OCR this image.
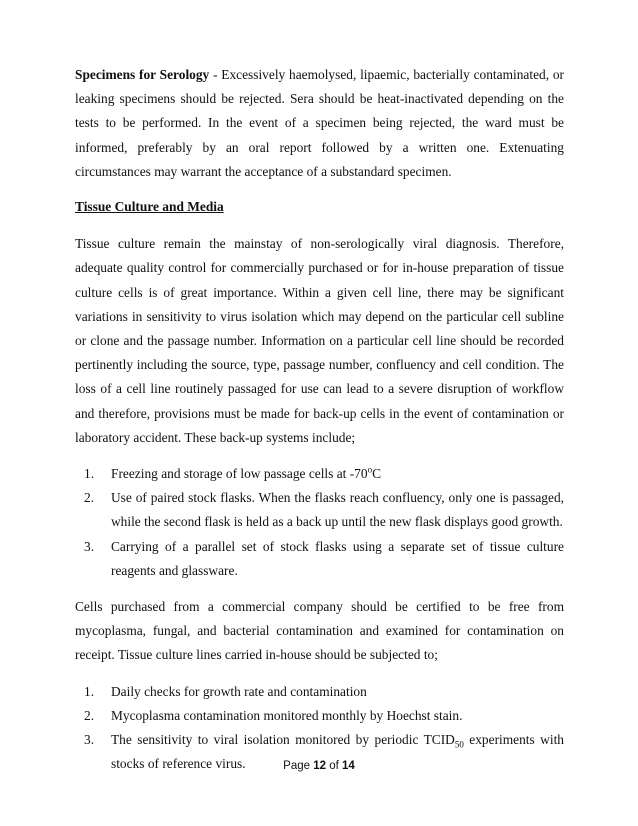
Specimens for Serology - Excessively haemolysed, lipaemic, bacterially contaminated, or leaking specimens should be rejected. Sera should be heat-inactivated depending on the tests to be performed. In the event of a specimen being rejected, the ward must be informed, preferably by an oral report followed by a written one. Extenuating circumstances may warrant the acceptance of a substandard specimen.

Tissue Culture and Media

Tissue culture remain the mainstay of non-serologically viral diagnosis. Therefore, adequate quality control for commercially purchased or for in-house preparation of tissue culture cells is of great importance. Within a given cell line, there may be significant variations in sensitivity to virus isolation which may depend on the particular cell subline or clone and the passage number. Information on a particular cell line should be recorded pertinently including the source, type, passage number, confluency and cell condition. The loss of a cell line routinely passaged for use can lead to a severe disruption of workflow and therefore, provisions must be made for back-up cells in the event of contamination or laboratory accident. These back-up systems include;

1. Freezing and storage of low passage cells at -70$^o$C
2. Use of paired stock flasks. When the flasks reach confluency, only one is passaged, while the second flask is held as a back up until the new flask displays good growth.
3. Carrying of a parallel set of stock flasks using a separate set of tissue culture reagents and glassware.

Cells purchased from a commercial company should be certified to be free from mycoplasma, fungal, and bacterial contamination and examined for contamination on receipt. Tissue culture lines carried in-house should be subjected to;

1. Daily checks for growth rate and contamination
2. Mycoplasma contamination monitored monthly by Hoechst stain.
3. The sensitivity to viral isolation monitored by periodic $TCID_{50}$ experiments with stocks of reference virus.	Page 12 of 14
